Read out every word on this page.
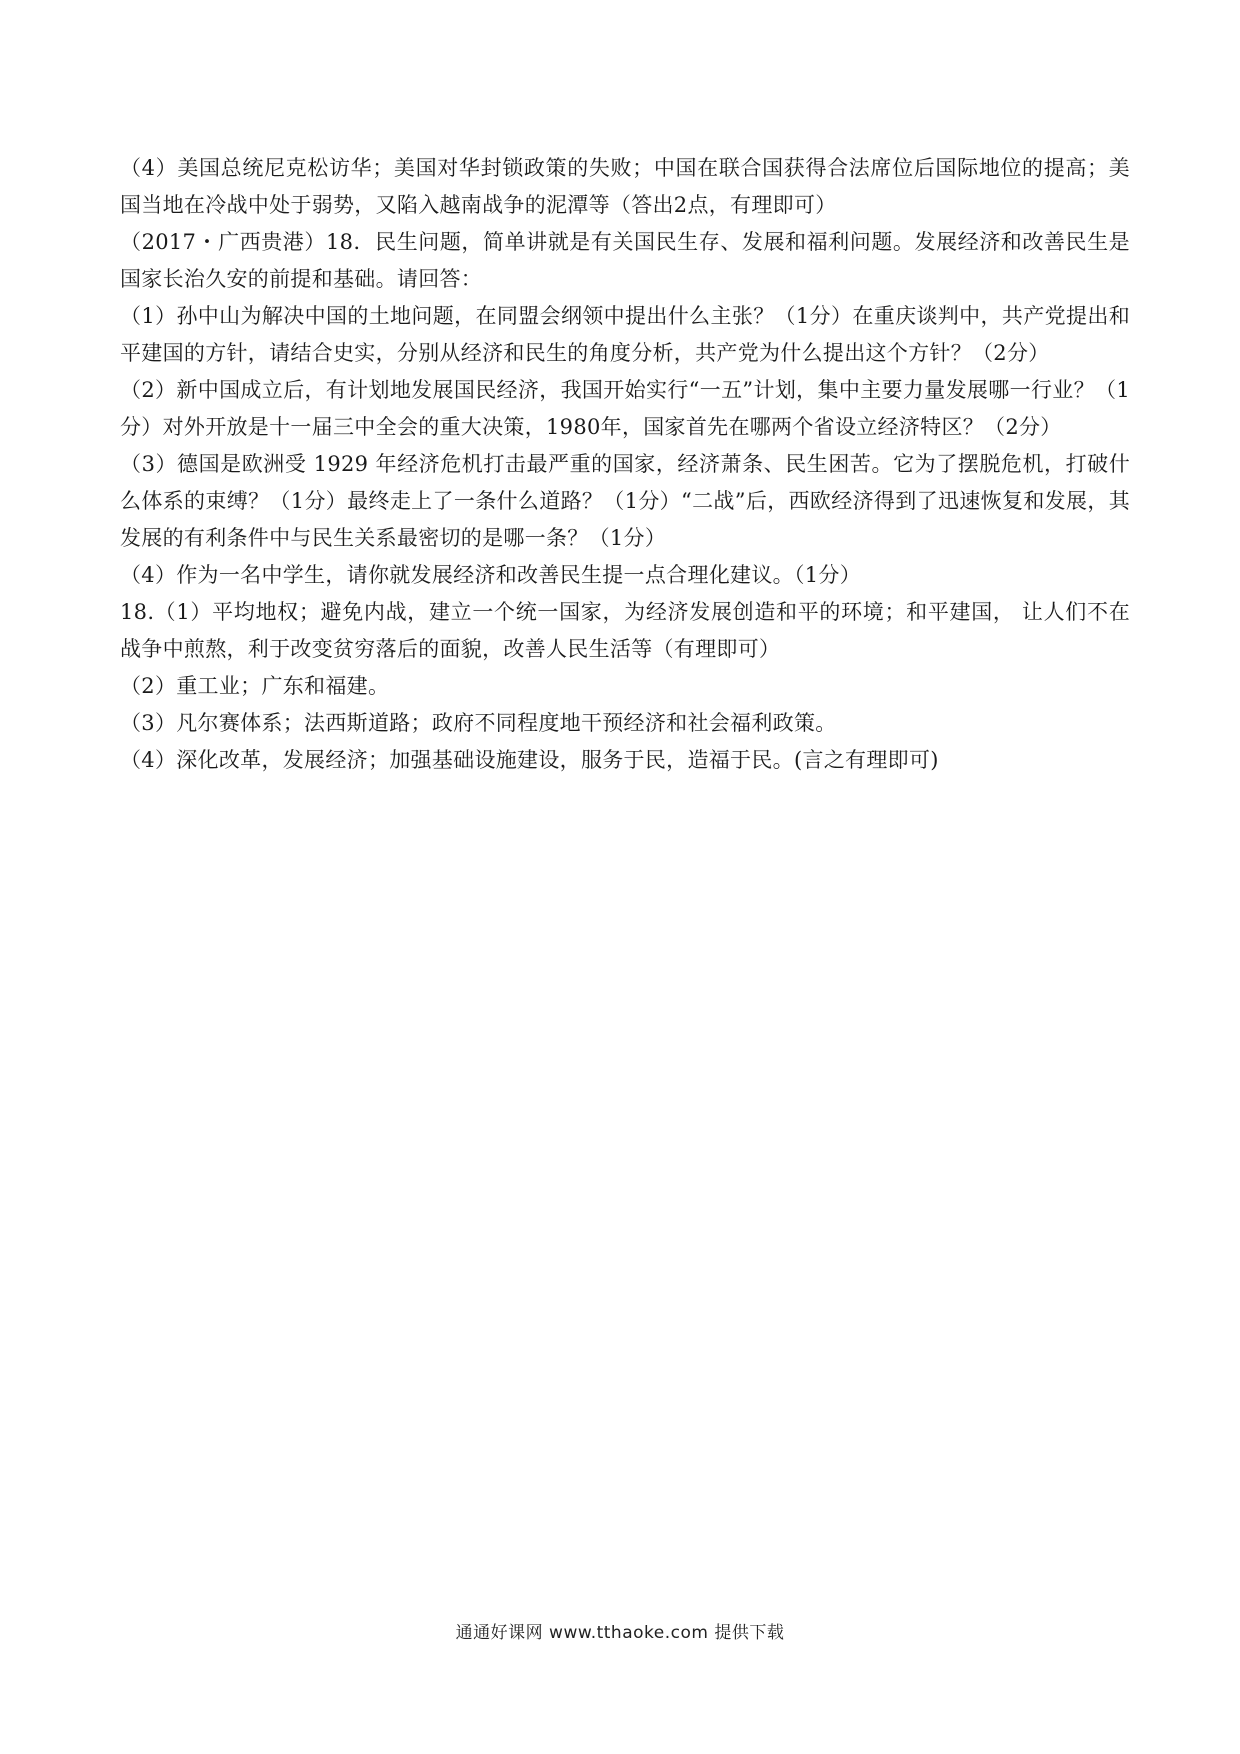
（4）美国总统尼克松访华；美国对华封锁政策的失败；中国在联合国获得合法席位后国际地位的提高；美国当地在冷战中处于弱势，又陷入越南战争的泥潭等（答出2点，有理即可）

（2017・广西贵港）18．民生问题，简单讲就是有关国民生存、发展和福利问题。发展经济和改善民生是国家长治久安的前提和基础。请回答：

（1）孙中山为解决中国的土地问题，在同盟会纲领中提出什么主张？（1分）在重庆谈判中，共产党提出和平建国的方针，请结合史实，分别从经济和民生的角度分析，共产党为什么提出这个方针？（2分）

（2）新中国成立后，有计划地发展国民经济，我国开始实行“一五”计划，集中主要力量发展哪一行业？（1分）对外开放是十一届三中全会的重大决策，1980年，国家首先在哪两个省设立经济特区？（2分）

（3）德国是欧洲受 1929 年经济危机打击最严重的国家，经济萧条、民生困苦。它为了摆脱危机，打破什么体系的束缚？（1分）最终走上了一条什么道路？（1分）“二战”后，西欧经济得到了迅速恢复和发展，其发展的有利条件中与民生关系最密切的是哪一条？（1分）

（4）作为一名中学生，请你就发展经济和改善民生提一点合理化建议。（1分）

18.（1）平均地权；避免内战，建立一个统一国家，为经济发展创造和平的环境；和平建国， 让人们不在战争中煎熬，利于改变贫穷落后的面貌，改善人民生活等（有理即可）

（2）重工业；广东和福建。

（3）凡尔赛体系；法西斯道路；政府不同程度地干预经济和社会福利政策。

（4）深化改革，发展经济；加强基础设施建设，服务于民，造福于民。(言之有理即可)

通通好课网 www.tthaoke.com 提供下载
